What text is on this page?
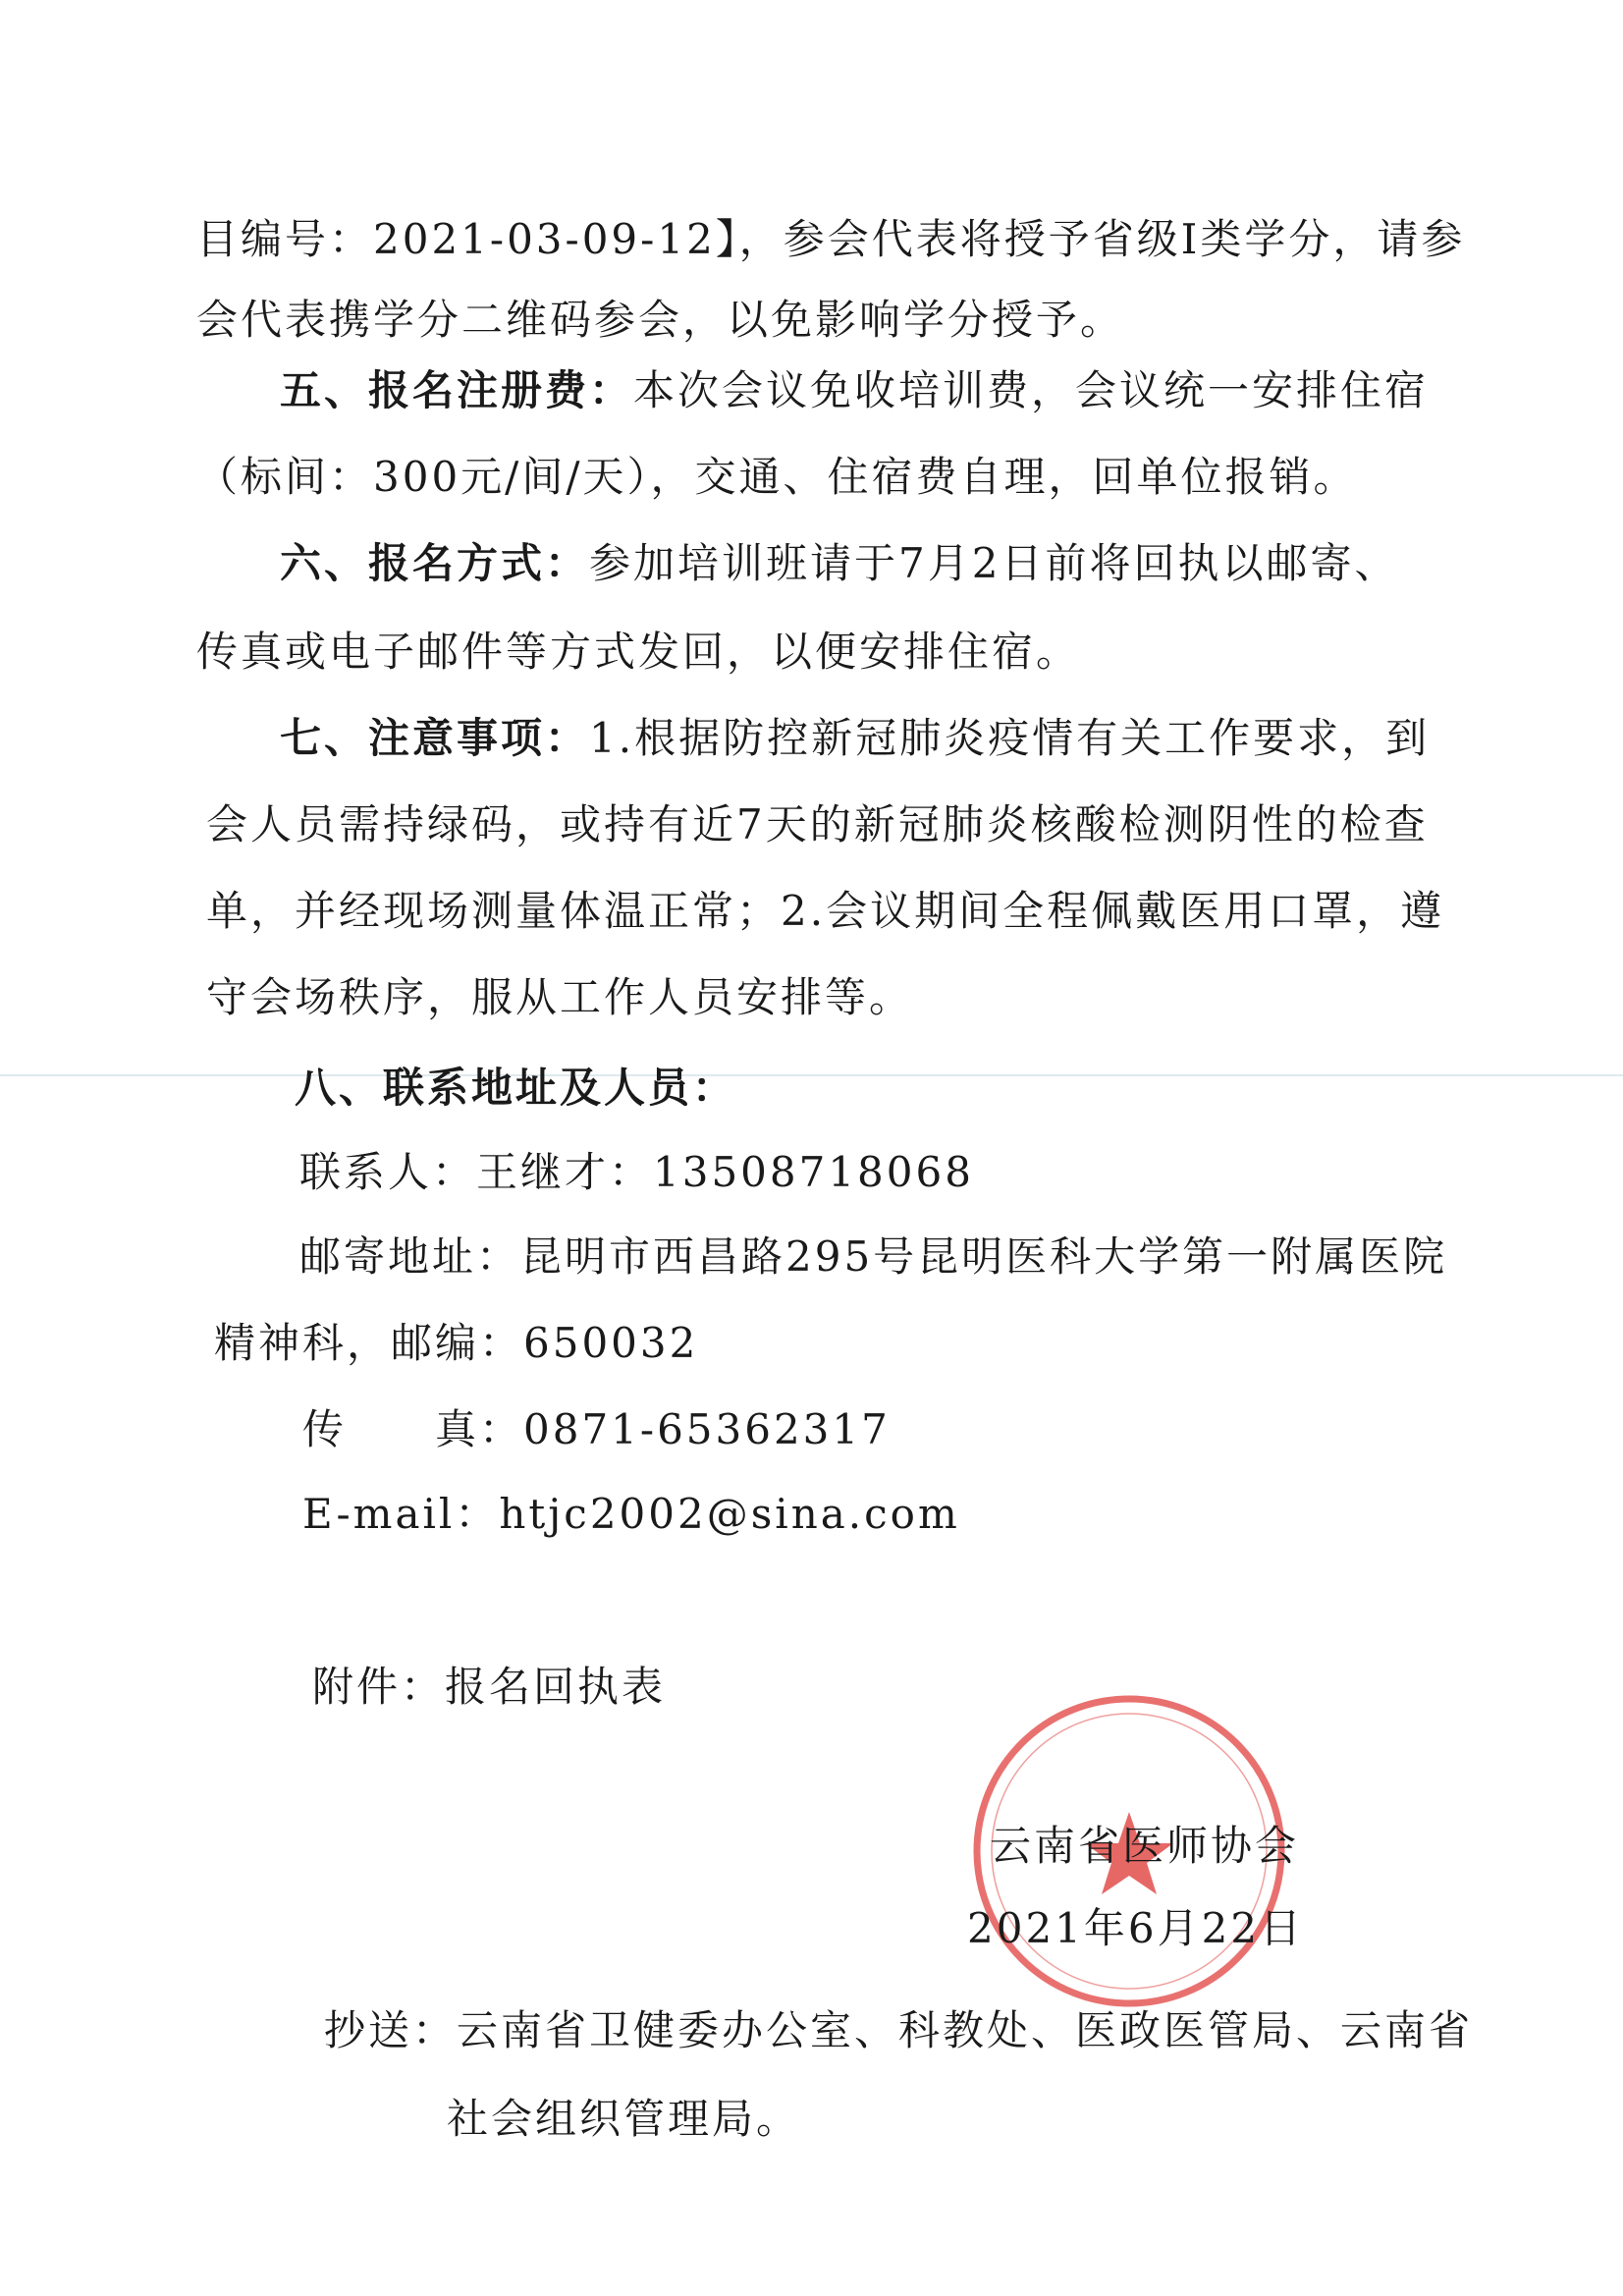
目编号：2021-03-09-12】，参会代表将授予省级Ⅰ类学分，请参
会代表携学分二维码参会，以免影响学分授予。
五、报名注册费：本次会议免收培训费，会议统一安排住宿
（标间：300元/间/天），交通、住宿费自理，回单位报销。
六、报名方式：参加培训班请于7月2日前将回执以邮寄、
传真或电子邮件等方式发回，以便安排住宿。
七、注意事项：1.根据防控新冠肺炎疫情有关工作要求，到
会人员需持绿码，或持有近7天的新冠肺炎核酸检测阴性的检查
单，并经现场测量体温正常；2.会议期间全程佩戴医用口罩，遵
守会场秩序，服从工作人员安排等。
八、联系地址及人员：
联系人：王继才：13508718068
邮寄地址：昆明市西昌路295号昆明医科大学第一附属医院
精神科，邮编：650032
传　　真：0871-65362317
E-mail：htjc2002@sina.com
附件：报名回执表
云南省医师协会
2021年6月22日
抄送：云南省卫健委办公室、科教处、医政医管局、云南省
社会组织管理局。
